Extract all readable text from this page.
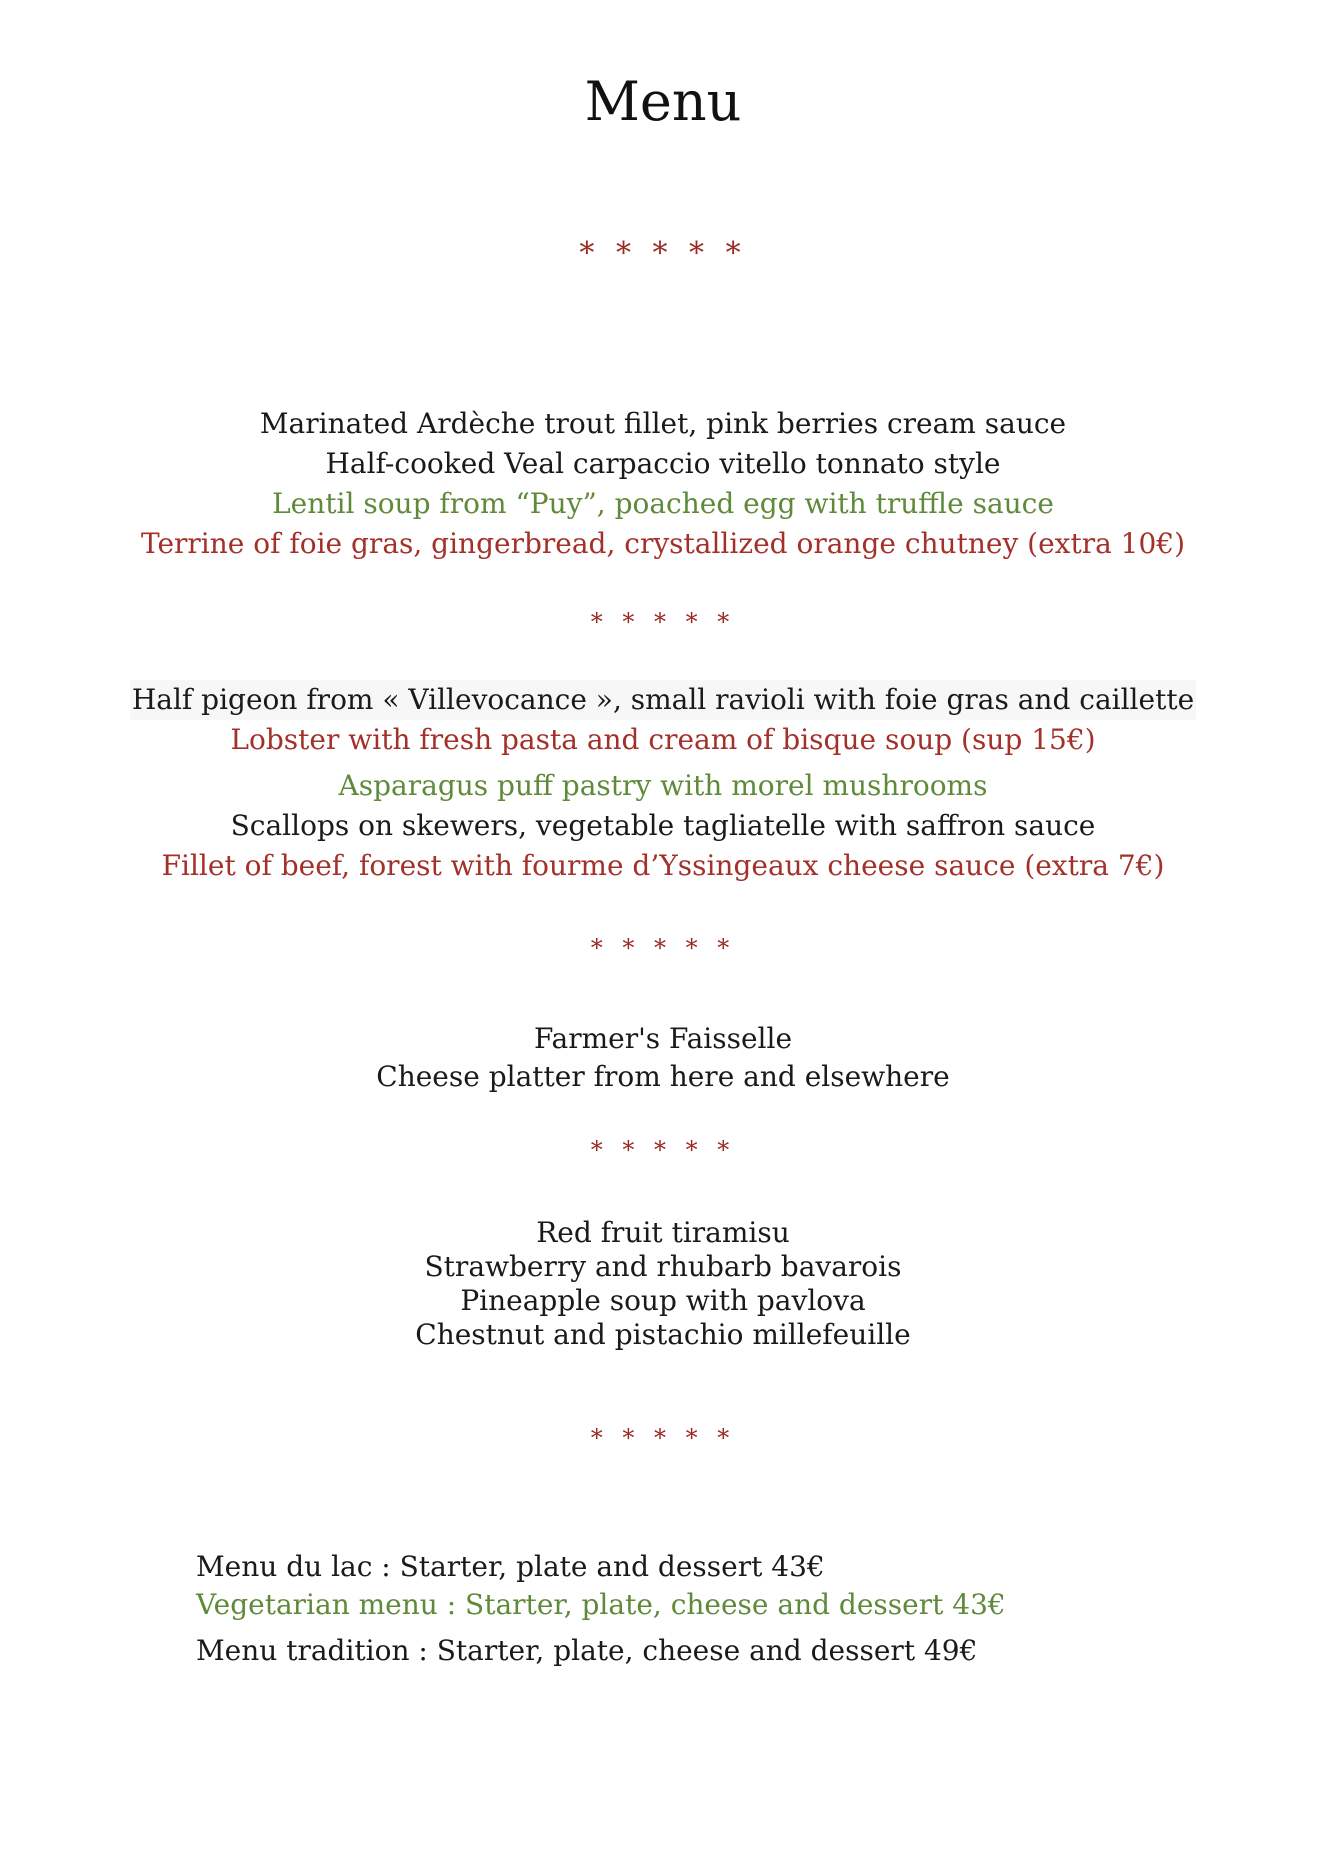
Menu
* * * * *
Marinated Ardèche trout fillet, pink berries cream sauce
Half-cooked Veal carpaccio vitello tonnato style
Lentil soup from “Puy”, poached egg with truffle sauce
Terrine of foie gras, gingerbread, crystallized orange chutney (extra 10€)
* * * * *
Half pigeon from « Villevocance », small ravioli with foie gras and caillette
Lobster with fresh pasta and cream of bisque soup (sup 15€)
Asparagus puff pastry with morel mushrooms
Scallops on skewers, vegetable tagliatelle with saffron sauce
Fillet of beef, forest with fourme d’Yssingeaux cheese sauce (extra 7€)
* * * * *
Farmer's Faisselle
Cheese platter from here and elsewhere
* * * * *
Red fruit tiramisu
Strawberry and rhubarb bavarois
Pineapple soup with pavlova
Chestnut and pistachio millefeuille
* * * * *
Menu du lac : Starter, plate and dessert 43€
Vegetarian menu : Starter, plate, cheese and dessert 43€
Menu tradition : Starter, plate, cheese and dessert 49€
